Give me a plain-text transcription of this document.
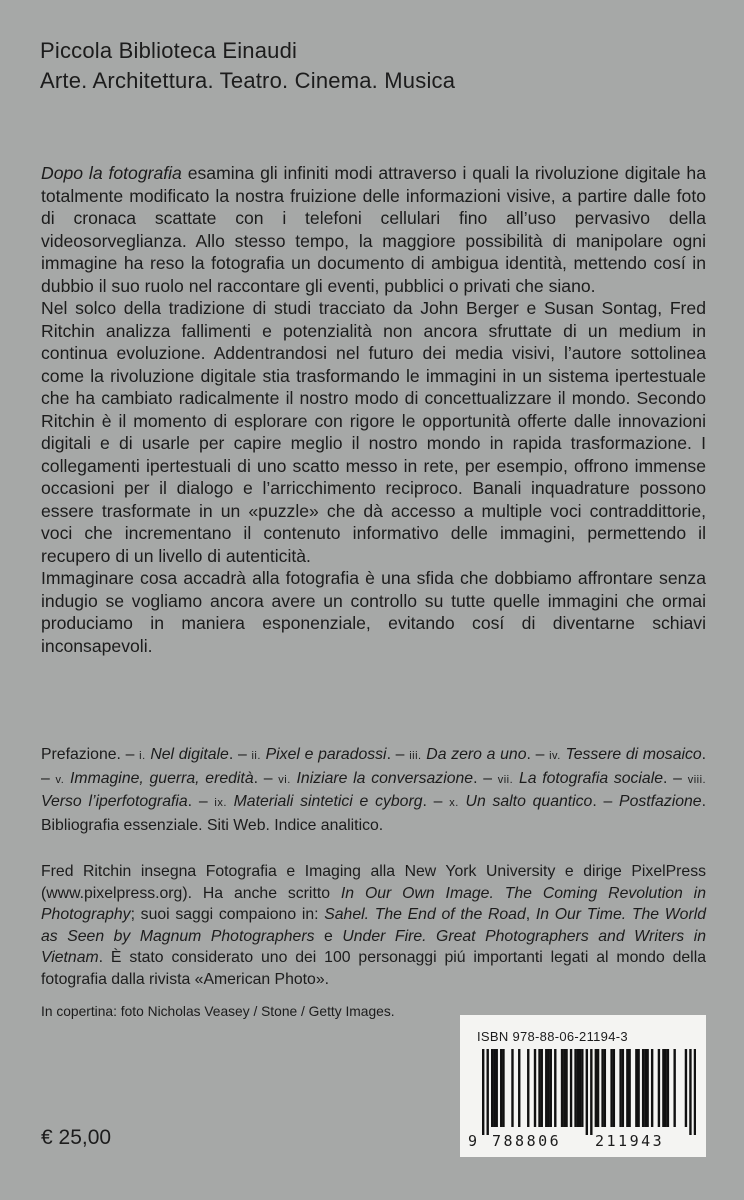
Piccola Biblioteca Einaudi
Arte. Architettura. Teatro. Cinema. Musica

Dopo la fotografia esamina gli infiniti modi attraverso i quali la rivoluzione digitale ha totalmente modificato la nostra fruizione delle informazioni visive, a partire dalle foto di cronaca scattate con i telefoni cellulari fino all’uso pervasivo della videosorveglianza. Allo stesso tempo, la maggiore possibilità di manipolare ogni immagine ha reso la fotografia un documento di ambigua identità, mettendo cosí in dubbio il suo ruolo nel raccontare gli eventi, pubblici o privati che siano.

Nel solco della tradizione di studi tracciato da John Berger e Susan Sontag, Fred Ritchin analizza fallimenti e potenzialità non ancora sfruttate di un medium in continua evoluzione. Addentrandosi nel futuro dei media visivi, l’autore sottolinea come la rivoluzione digitale stia trasformando le immagini in un sistema ipertestuale che ha cambiato radicalmente il nostro modo di concettualizzare il mondo. Secondo Ritchin è il momento di esplorare con rigore le opportunità offerte dalle innovazioni digitali e di usarle per capire meglio il nostro mondo in rapida trasformazione. I collegamenti ipertestuali di uno scatto messo in rete, per esempio, offrono immense occasioni per il dialogo e l’arricchimento reciproco. Banali inquadrature possono essere trasformate in un «puzzle» che dà accesso a multiple voci contraddittorie, voci che incrementano il contenuto informativo delle immagini, permettendo il recupero di un livello di autenticità.

Immaginare cosa accadrà alla fotografia è una sfida che dobbiamo affrontare senza indugio se vogliamo ancora avere un controllo su tutte quelle immagini che ormai produciamo in maniera esponenziale, evitando cosí di diventarne schiavi inconsapevoli.

Prefazione. – i. Nel digitale. – ii. Pixel e paradossi. – iii. Da zero a uno. – iv. Tessere di mosaico. – v. Immagine, guerra, eredità. – vi. Iniziare la conversazione. – vii. La fotografia sociale. – viii. Verso l’iperfotografia. – ix. Materiali sintetici e cyborg. – x. Un salto quantico. – Postfazione. Bibliografia essenziale. Siti Web. Indice analitico.
Fred Ritchin insegna Fotografia e Imaging alla New York University e dirige PixelPress (www.pixelpress.org). Ha anche scritto In Our Own Image. The Coming Revolution in Photography; suoi saggi compaiono in: Sahel. The End of the Road, In Our Time. The World as Seen by Magnum Photographers e Under Fire. Great Photographers and Writers in Vietnam. È stato considerato uno dei 100 personaggi piú importanti legati al mondo della fotografia dalla rivista «American Photo».
In copertina: foto Nicholas Veasey / Stone / Getty Images.
€ 25,00
ISBN 978-88-06-21194-3
9 788806 211943
